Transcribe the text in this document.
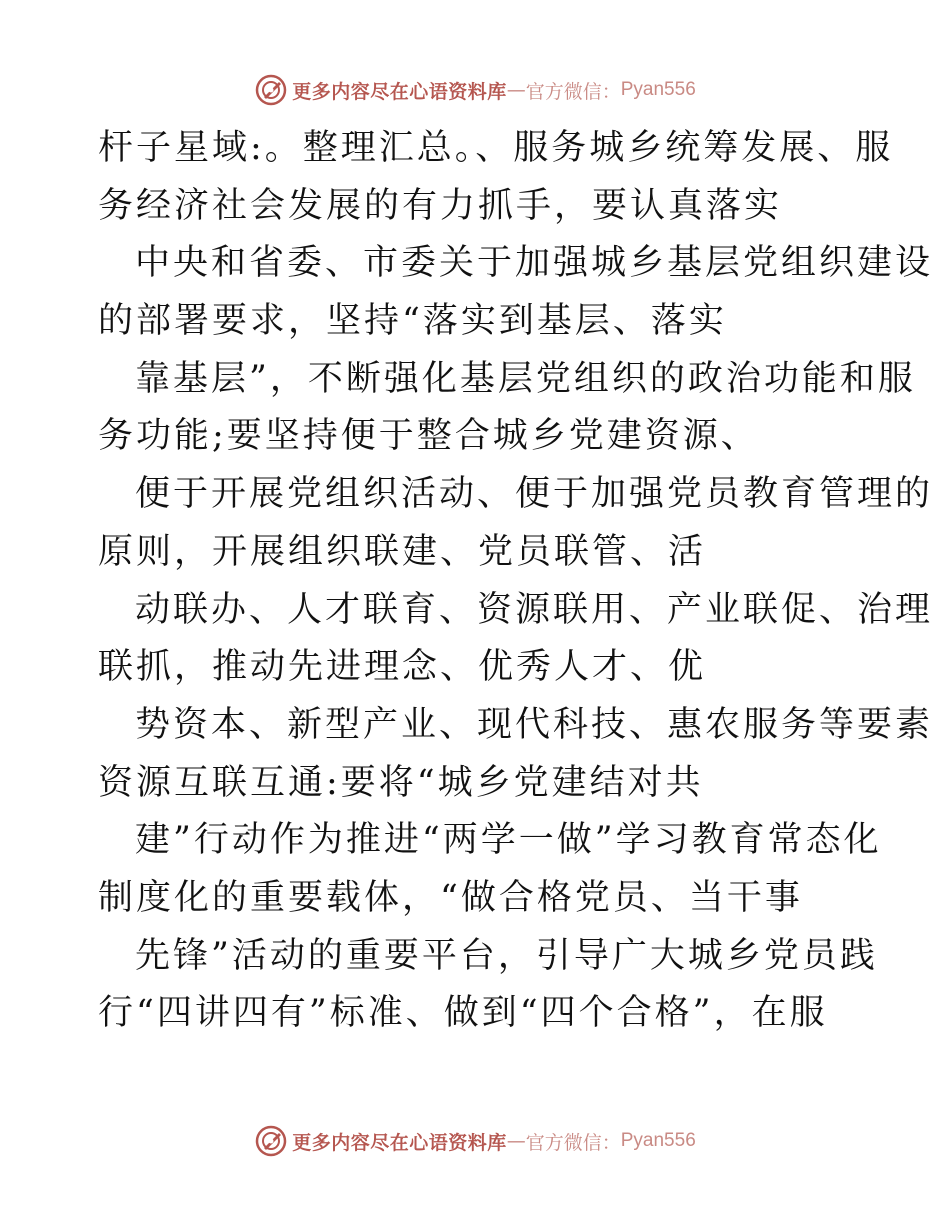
更多内容尽在心语资料库 — 官方微信： Pyan556
杆子星域:。整理汇总。、服务城乡统筹发展、服
务经济社会发展的有力抓手，要认真落实
中央和省委、市委关于加强城乡基层党组织建设
的部署要求，坚持“落实到基层、落实
靠基层”，不断强化基层党组织的政治功能和服
务功能;要坚持便于整合城乡党建资源、
便于开展党组织活动、便于加强党员教育管理的
原则，开展组织联建、党员联管、活
动联办、人才联育、资源联用、产业联促、治理
联抓，推动先进理念、优秀人才、优
势资本、新型产业、现代科技、惠农服务等要素
资源互联互通:要将“城乡党建结对共
建”行动作为推进“两学一做”学习教育常态化
制度化的重要载体，“做合格党员、当干事
先锋”活动的重要平台，引导广大城乡党员践
行“四讲四有”标准、做到“四个合格”，在服
更多内容尽在心语资料库 — 官方微信： Pyan556
